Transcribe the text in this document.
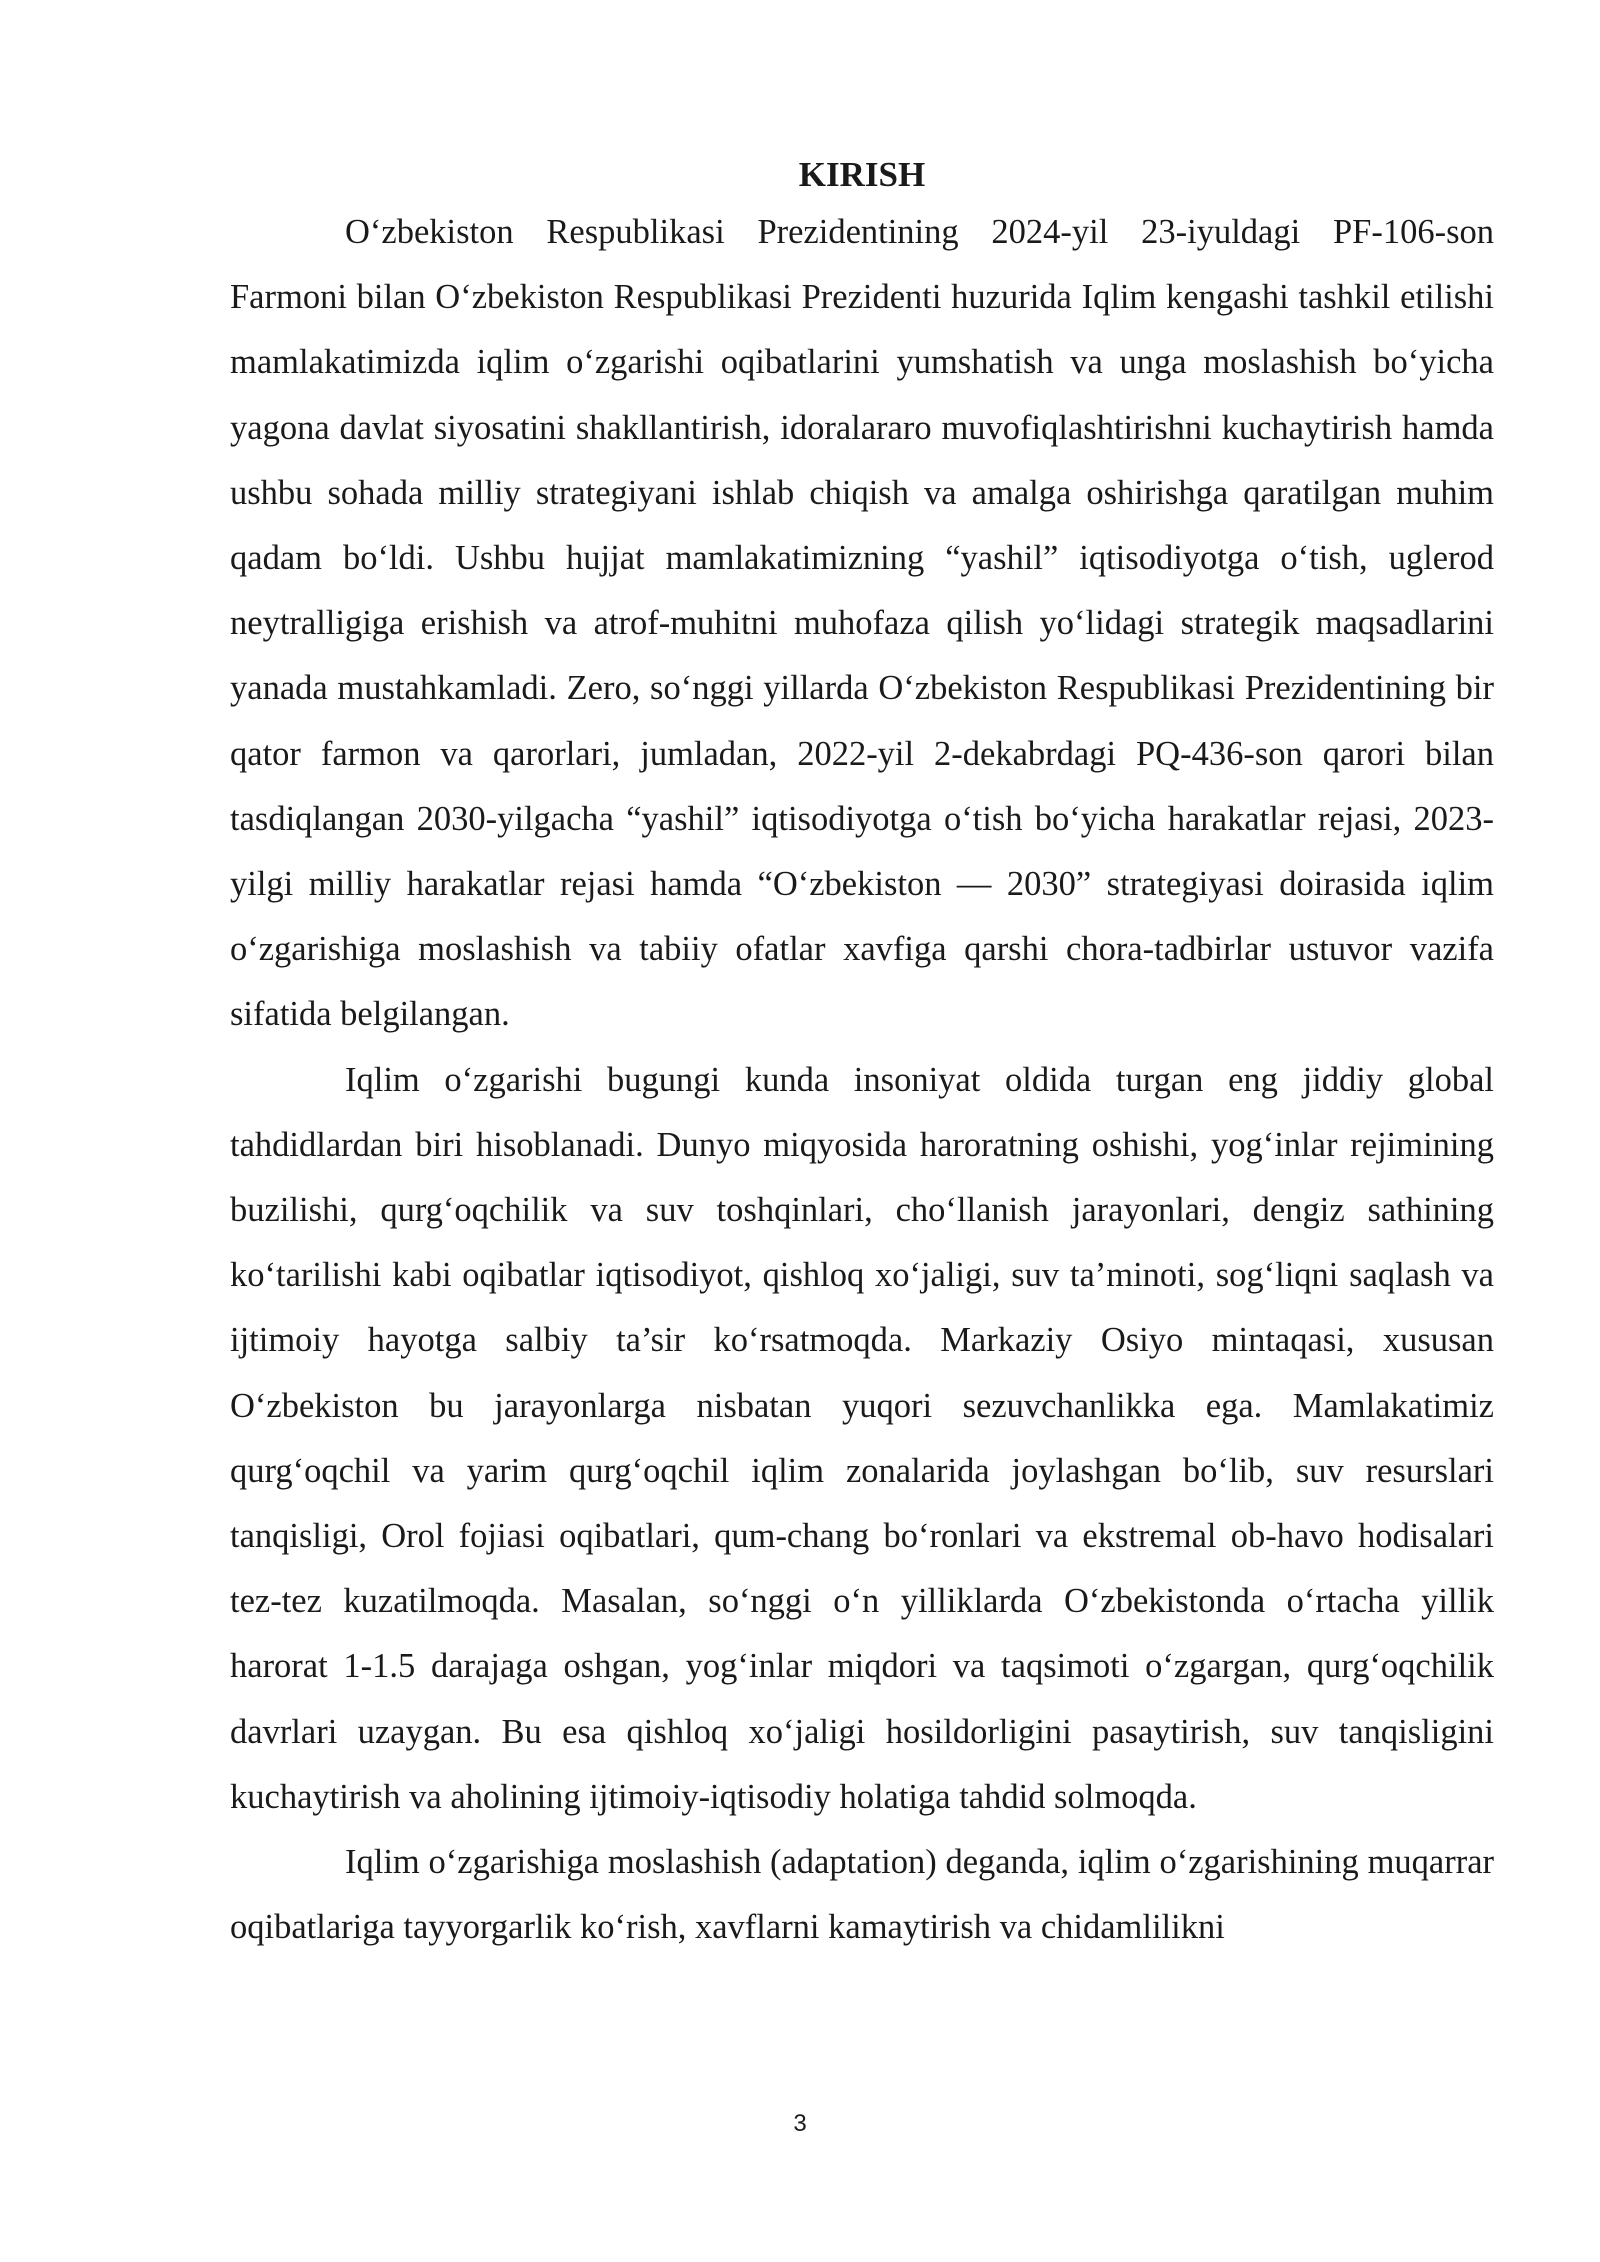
KIRISH

O‘zbekiston Respublikasi Prezidentining 2024-yil 23-iyuldagi PF-106-son Farmoni bilan O‘zbekiston Respublikasi Prezidenti huzurida Iqlim kengashi tashkil etilishi mamlakatimizda iqlim o‘zgarishi oqibatlarini yumshatish va unga moslashish bo‘yicha yagona davlat siyosatini shakllantirish, idoralararo muvofiqlashtirishni kuchaytirish hamda ushbu sohada milliy strategiyani ishlab chiqish va amalga oshirishga qaratilgan muhim qadam bo‘ldi. Ushbu hujjat mamlakatimizning “yashil” iqtisodiyotga o‘tish, uglerod neytralligiga erishish va atrof-muhitni muhofaza qilish yo‘lidagi strategik maqsadlarini yanada mustahkamladi. Zero, so‘nggi yillarda O‘zbekiston Respublikasi Prezidentining bir qator farmon va qarorlari, jumladan, 2022-yil 2-dekabrdagi PQ-436-son qarori bilan tasdiqlangan 2030-yilgacha “yashil” iqtisodiyotga o‘tish bo‘yicha harakatlar rejasi, 2023-yilgi milliy harakatlar rejasi hamda “O‘zbekiston — 2030” strategiyasi doirasida iqlim o‘zgarishiga moslashish va tabiiy ofatlar xavfiga qarshi chora-tadbirlar ustuvor vazifa sifatida belgilangan.

Iqlim o‘zgarishi bugungi kunda insoniyat oldida turgan eng jiddiy global tahdidlardan biri hisoblanadi. Dunyo miqyosida haroratning oshishi, yog‘inlar rejimining buzilishi, qurg‘oqchilik va suv toshqinlari, cho‘llanish jarayonlari, dengiz sathining ko‘tarilishi kabi oqibatlar iqtisodiyot, qishloq xo‘jaligi, suv ta’minoti, sog‘liqni saqlash va ijtimoiy hayotga salbiy ta’sir ko‘rsatmoqda. Markaziy Osiyo mintaqasi, xususan O‘zbekiston bu jarayonlarga nisbatan yuqori sezuvchanlikka ega. Mamlakatimiz qurg‘oqchil va yarim qurg‘oqchil iqlim zonalarida joylashgan bo‘lib, suv resurslari tanqisligi, Orol fojiasi oqibatlari, qum-chang bo‘ronlari va ekstremal ob-havo hodisalari tez-tez kuzatilmoqda. Masalan, so‘nggi o‘n yilliklarda O‘zbekistonda o‘rtacha yillik harorat 1-1.5 darajaga oshgan, yog‘inlar miqdori va taqsimoti o‘zgargan, qurg‘oqchilik davrlari uzaygan. Bu esa qishloq xo‘jaligi hosildorligini pasaytirish, suv tanqisligini kuchaytirish va aholining ijtimoiy-iqtisodiy holatiga tahdid solmoqda.

Iqlim o‘zgarishiga moslashish (adaptation) deganda, iqlim o‘zgarishining muqarrar oqibatlariga tayyorgarlik ko‘rish, xavflarni kamaytirish va chidamlilikni

3
